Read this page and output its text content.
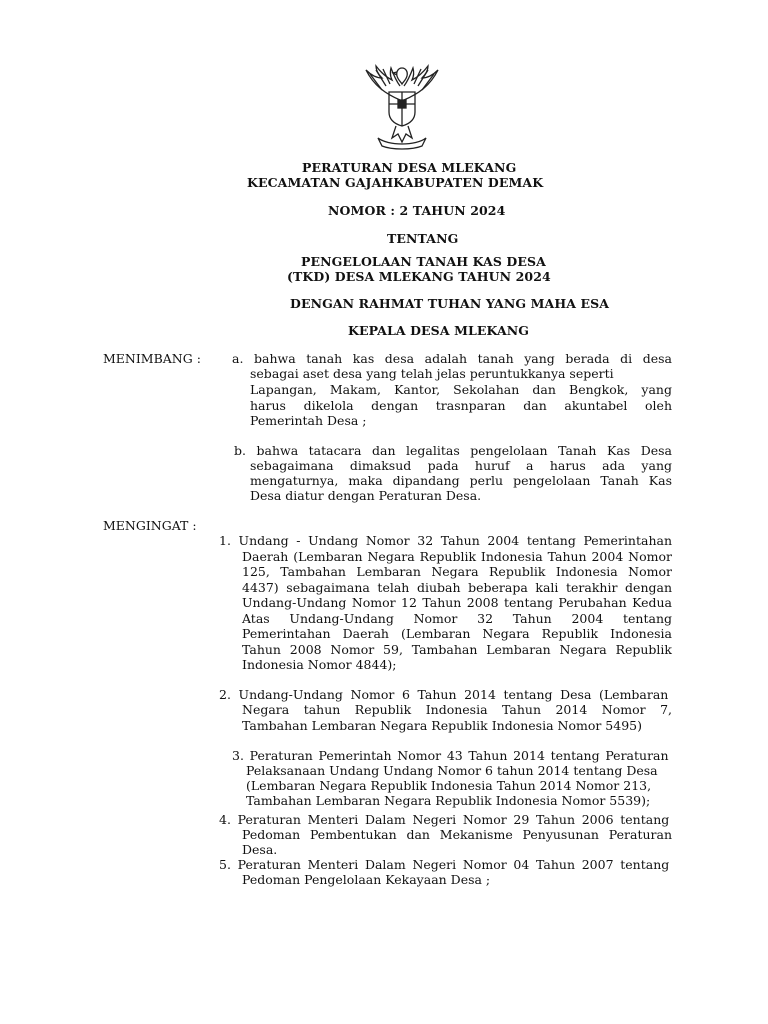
PERATURAN DESA MLEKANG
KECAMATAN GAJAHKABUPATEN DEMAK
NOMOR : 2 TAHUN 2024
TENTANG
PENGELOLAAN TANAH KAS DESA
(TKD) DESA MLEKANG TAHUN 2024
DENGAN RAHMAT TUHAN YANG MAHA ESA
KEPALA DESA MLEKANG
MENIMBANG : a. bahwa tanah kas desa adalah tanah yang berada di desa
sebagai aset desa yang telah jelas peruntukkanya seperti
Lapangan, Makam, Kantor, Sekolahan dan Bengkok, yang
harus dikelola dengan trasnparan dan akuntabel oleh
Pemerintah Desa ;
b. bahwa tatacara dan legalitas pengelolaan Tanah Kas Desa
sebagaimana dimaksud pada huruf a harus ada yang
mengaturnya, maka dipandang perlu pengelolaan Tanah Kas
Desa diatur dengan Peraturan Desa.
MENGINGAT :
1. Undang - Undang Nomor 32 Tahun 2004 tentang Pemerintahan
Daerah (Lembaran Negara Republik Indonesia Tahun 2004 Nomor
125, Tambahan Lembaran Negara Republik Indonesia Nomor
4437) sebagaimana telah diubah beberapa kali terakhir dengan
Undang-Undang Nomor 12 Tahun 2008 tentang Perubahan Kedua
Atas Undang-Undang Nomor 32 Tahun 2004 tentang
Pemerintahan Daerah (Lembaran Negara Republik Indonesia
Tahun 2008 Nomor 59, Tambahan Lembaran Negara Republik
Indonesia Nomor 4844);
2. Undang-Undang Nomor 6 Tahun 2014 tentang Desa (Lembaran
Negara tahun Republik Indonesia Tahun 2014 Nomor 7,
Tambahan Lembaran Negara Republik Indonesia Nomor 5495)
3. Peraturan Pemerintah Nomor 43 Tahun 2014 tentang Peraturan
Pelaksanaan Undang Undang Nomor 6 tahun 2014 tentang Desa
(Lembaran Negara Republik Indonesia Tahun 2014 Nomor 213,
Tambahan Lembaran Negara Republik Indonesia Nomor 5539);
4. Peraturan Menteri Dalam Negeri Nomor 29 Tahun 2006 tentang
Pedoman Pembentukan dan Mekanisme Penyusunan Peraturan
Desa.
5. Peraturan Menteri Dalam Negeri Nomor 04 Tahun 2007 tentang
Pedoman Pengelolaan Kekayaan Desa ;
